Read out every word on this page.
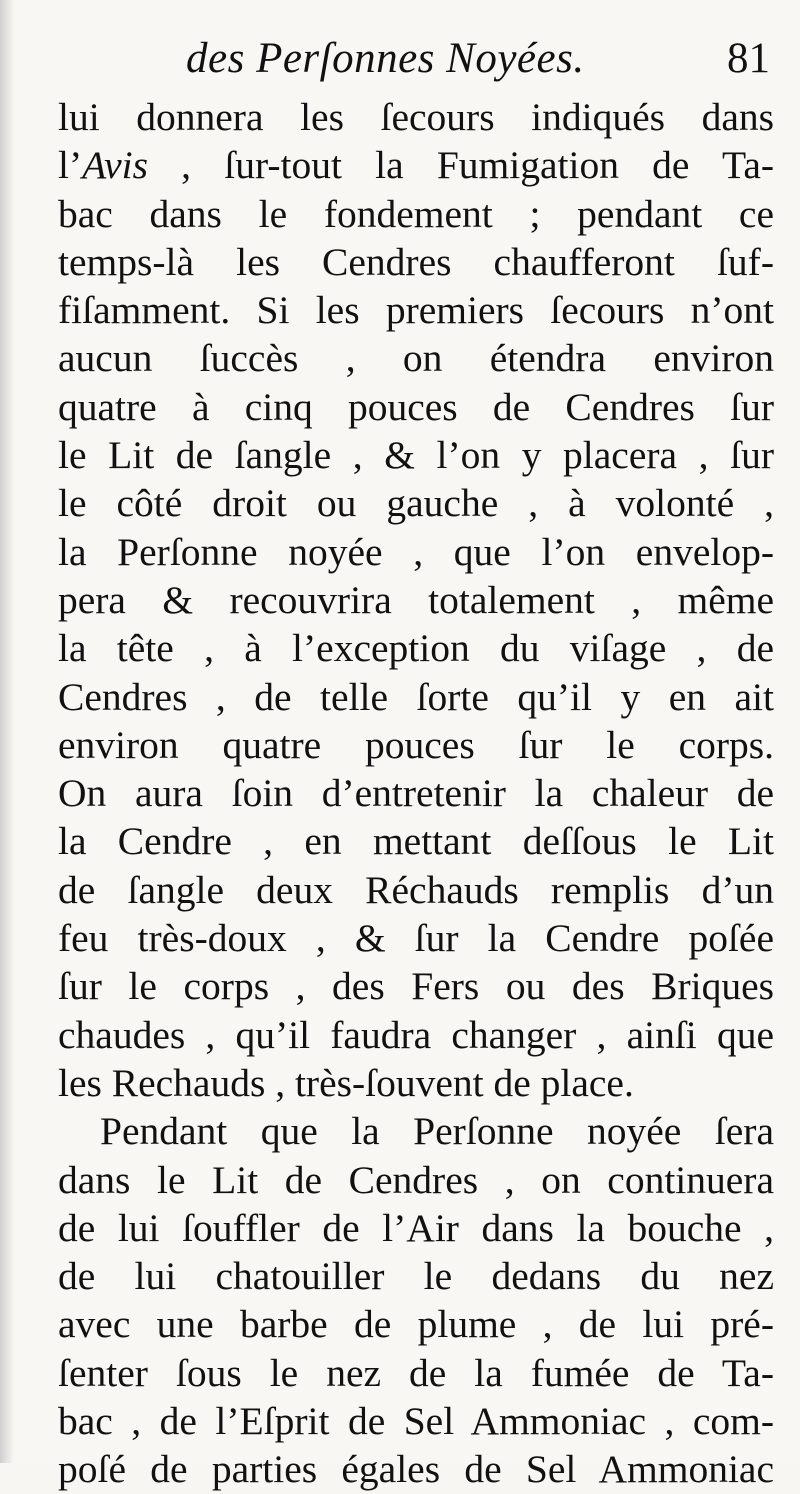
des Perſonnes Noyées.	81
lui donnera les ſecours indiqués dans
l’Avis , ſur-tout la Fumigation de Ta-
bac dans le fondement ; pendant ce
temps-là les Cendres chaufferont ſuf-
fiſamment. Si les premiers ſecours n’ont
aucun ſuccès , on étendra environ
quatre à cinq pouces de Cendres ſur
le Lit de ſangle , & l’on y placera , ſur
le côté droit ou gauche , à volonté ,
la Perſonne noyée , que l’on envelop-
pera & recouvrira totalement , même
la tête , à l’exception du viſage , de
Cendres , de telle ſorte qu’il y en ait
environ quatre pouces ſur le corps.
On aura ſoin d’entretenir la chaleur de
la Cendre , en mettant deſſous le Lit
de ſangle deux Réchauds remplis d’un
feu très-doux , & ſur la Cendre poſée
ſur le corps , des Fers ou des Briques
chaudes , qu’il faudra changer , ainſi que
les Rechauds , très-ſouvent de place.
Pendant que la Perſonne noyée ſera
dans le Lit de Cendres , on continuera
de lui ſouffler de l’Air dans la bouche ,
de lui chatouiller le dedans du nez
avec une barbe de plume , de lui pré-
ſenter ſous le nez de la fumée de Ta-
bac , de l’Eſprit de Sel Ammoniac , com-
poſé de parties égales de Sel Ammoniac
